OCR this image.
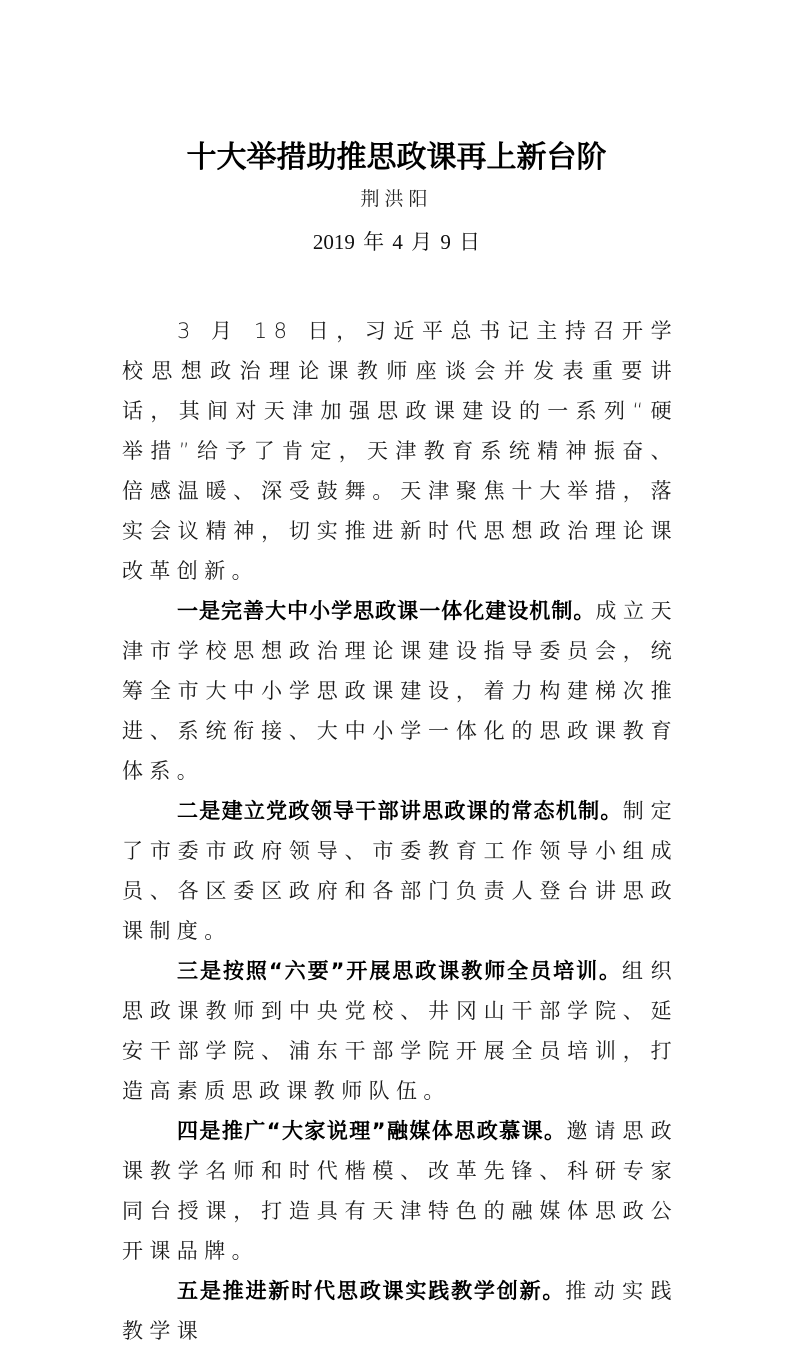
十大举措助推思政课再上新台阶
荆洪阳
2019 年 4 月 9 日

3 月 18 日，习近平总书记主持召开学校思想政治理论课教师座谈会并发表重要讲话，其间对天津加强思政课建设的一系列“硬举措”给予了肯定，天津教育系统精神振奋、倍感温暖、深受鼓舞。天津聚焦十大举措，落实会议精神，切实推进新时代思想政治理论课改革创新。

一是完善大中小学思政课一体化建设机制。成立天津市学校思想政治理论课建设指导委员会，统筹全市大中小学思政课建设，着力构建梯次推进、系统衔接、大中小学一体化的思政课教育体系。

二是建立党政领导干部讲思政课的常态机制。制定了市委市政府领导、市委教育工作领导小组成员、各区委区政府和各部门负责人登台讲思政课制度。

三是按照“六要”开展思政课教师全员培训。组织思政课教师到中央党校、井冈山干部学院、延安干部学院、浦东干部学院开展全员培训，打造高素质思政课教师队伍。

四是推广“大家说理”融媒体思政慕课。邀请思政课教学名师和时代楷模、改革先锋、科研专家同台授课，打造具有天津特色的融媒体思政公开课品牌。

五是推进新时代思政课实践教学创新。推动实践教学课
